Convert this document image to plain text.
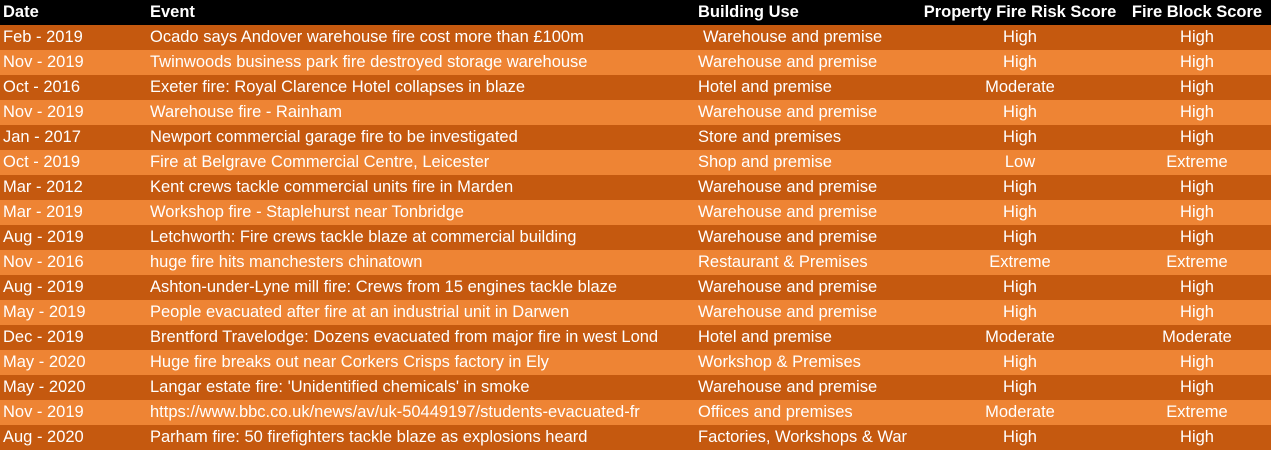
Date	Event	Building Use	Property Fire Risk Score	Fire Block Score
Feb - 2019	Ocado says Andover warehouse fire cost more than £100m	Warehouse and premise	High	High
Nov - 2019	Twinwoods business park fire destroyed storage warehouse	Warehouse and premise	High	High
Oct - 2016	Exeter fire: Royal Clarence Hotel collapses in blaze	Hotel and premise	Moderate	High
Nov - 2019	Warehouse fire - Rainham	Warehouse and premise	High	High
Jan - 2017	Newport commercial garage fire to be investigated	Store and premises	High	High
Oct - 2019	Fire at Belgrave Commercial Centre, Leicester	Shop and premise	Low	Extreme
Mar - 2012	Kent crews tackle commercial units fire in Marden	Warehouse and premise	High	High
Mar - 2019	Workshop fire - Staplehurst near Tonbridge	Warehouse and premise	High	High
Aug - 2019	Letchworth: Fire crews tackle blaze at commercial building	Warehouse and premise	High	High
Nov - 2016	huge fire hits manchesters chinatown	Restaurant & Premises	Extreme	Extreme
Aug - 2019	Ashton-under-Lyne mill fire: Crews from 15 engines tackle blaze	Warehouse and premise	High	High
May - 2019	People evacuated after fire at an industrial unit in Darwen	Warehouse and premise	High	High
Dec - 2019	Brentford Travelodge: Dozens evacuated from major fire in west Lond	Hotel and premise	Moderate	Moderate
May - 2020	Huge fire breaks out near Corkers Crisps factory in Ely	Workshop & Premises	High	High
May - 2020	Langar estate fire: 'Unidentified chemicals' in smoke	Warehouse and premise	High	High
Nov - 2019	https://www.bbc.co.uk/news/av/uk-50449197/students-evacuated-fr	Offices and premises	Moderate	Extreme
Aug - 2020	Parham fire: 50 firefighters tackle blaze as explosions heard	Factories, Workshops & War	High	High
